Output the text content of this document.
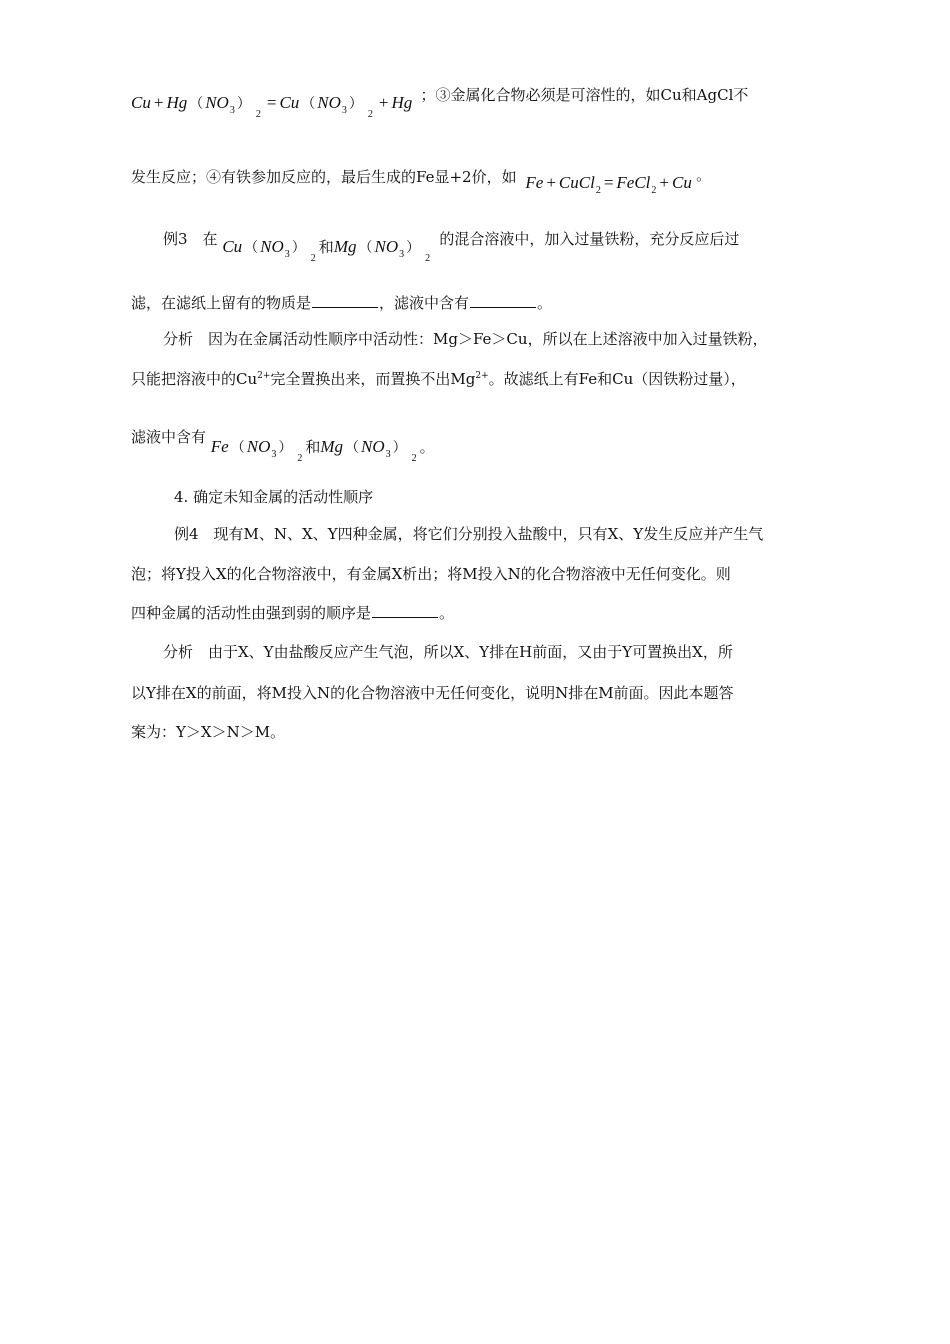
Cu + Hg （ $NO_3$ ）$_2= Cu$ （ $NO_3$ ）$_2+ Hg$ ；③金属化合物必须是可溶性的，如Cu和AgCl不
发生反应；④有铁参加反应的，最后生成的Fe显+2价，如 Fe + CuCl$_2$ = FeCl$_2$ + Cu 。
例3　在 Cu （ $NO_3$ ）$_2$和Mg （ $NO_3$ ）$_2$ 的混合溶液中，加入过量铁粉，充分反应后过
滤，在滤纸上留有的物质是	，滤液中含有	。
分析　因为在金属活动性顺序中活动性：Mg＞Fe＞Cu，所以在上述溶液中加入过量铁粉，
只能把溶液中的$Cu^{2+}$完全置换出来，而置换不出$Mg^{2+}$。故滤纸上有Fe和Cu（因铁粉过量），
滤液中含有 Fe （ $NO_3$ ）$_2$和Mg （ $NO_3$ ）$_2$。
4. 确定未知金属的活动性顺序
例4　现有M、N、X、Y四种金属，将它们分别投入盐酸中，只有X、Y发生反应并产生气
泡；将Y投入X的化合物溶液中，有金属X析出；将M投入N的化合物溶液中无任何变化。则
四种金属的活动性由强到弱的顺序是	。
分析　由于X、Y由盐酸反应产生气泡，所以X、Y排在H前面，又由于Y可置换出X，所
以Y排在X的前面，将M投入N的化合物溶液中无任何变化，说明N排在M前面。因此本题答
案为：Y＞X＞N＞M。
